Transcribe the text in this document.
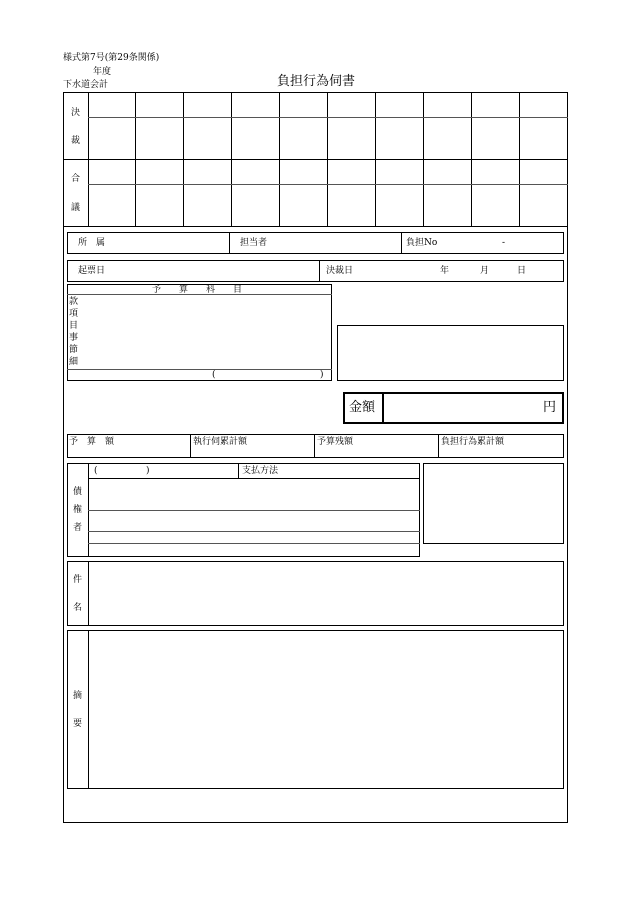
様式第7号(第29条関係)
年度
下水道会計	負担行為伺書
決
裁
合
議
所　属	担当者	負担No	-
起票日	決裁日	年	月	日
予　　算　　科　　目
款
項
目
事
節
細
(	)
金額	円
予　算　額	執行伺累計額	予算残額	負担行為累計額
(	)	支払方法
債
権
者
件
名
摘
要
